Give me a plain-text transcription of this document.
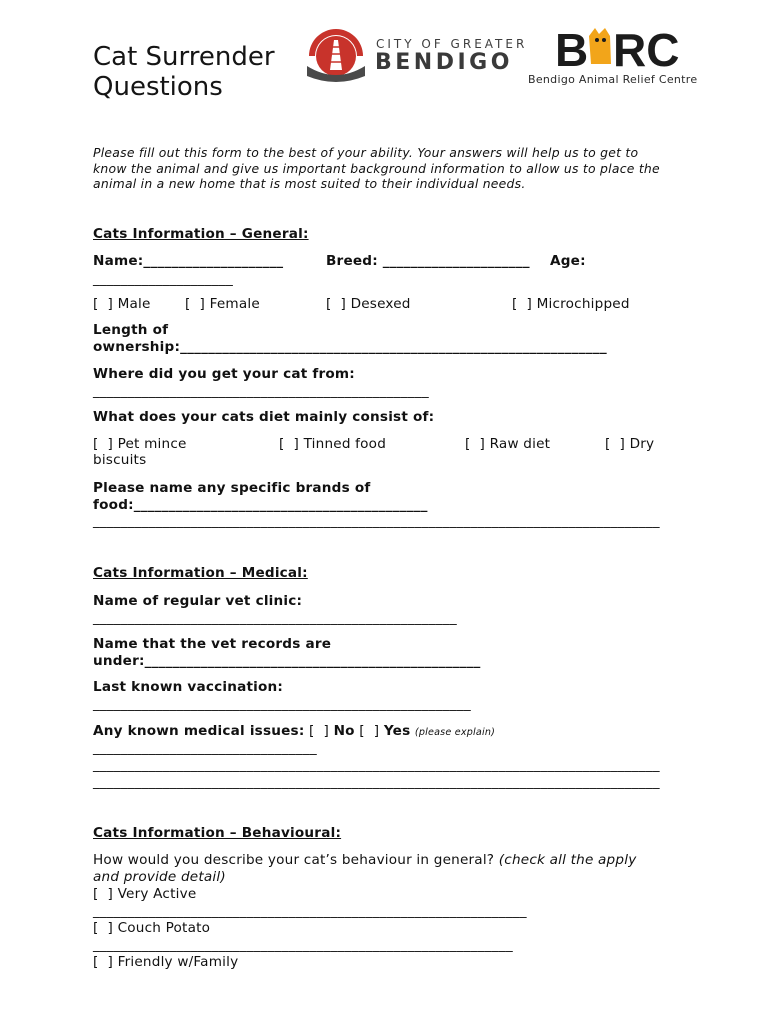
Cat Surrender
Questions
CITY OF GREATER
BENDIGO B RC
Bendigo Animal Relief Centre
Please fill out this form to the best of your ability. Your answers will help us to get to know the animal and give us important background information to allow us to place the animal in a new home that is most suited to their individual needs.
Cats Information – General:
Name:____________________	Breed: _____________________ Age:
____________________
[  ] Male	[  ] Female	[  ] Desexed	[  ] Microchipped
Length of
ownership:_____________________________________________________________
Where did you get your cat from:
________________________________________________
What does your cats diet mainly consist of:
[  ] Pet mince	[  ] Tinned food	[  ] Raw diet	[  ] Dry
biscuits
Please name any specific brands of
food:__________________________________________
_________________________________________________________________________________
Cats Information – Medical:
Name of regular vet clinic:
____________________________________________________
Name that the vet records are
under:________________________________________________
Last known vaccination:
______________________________________________________
Any known medical issues: [  ] No [  ] Yes (please explain)
________________________________
_________________________________________________________________________________
_________________________________________________________________________________
Cats Information – Behavioural:
How would you describe your cat’s behaviour in general? (check all the apply
and provide detail)
[  ] Very Active
______________________________________________________________
[  ] Couch Potato
____________________________________________________________
[  ] Friendly w/Family
